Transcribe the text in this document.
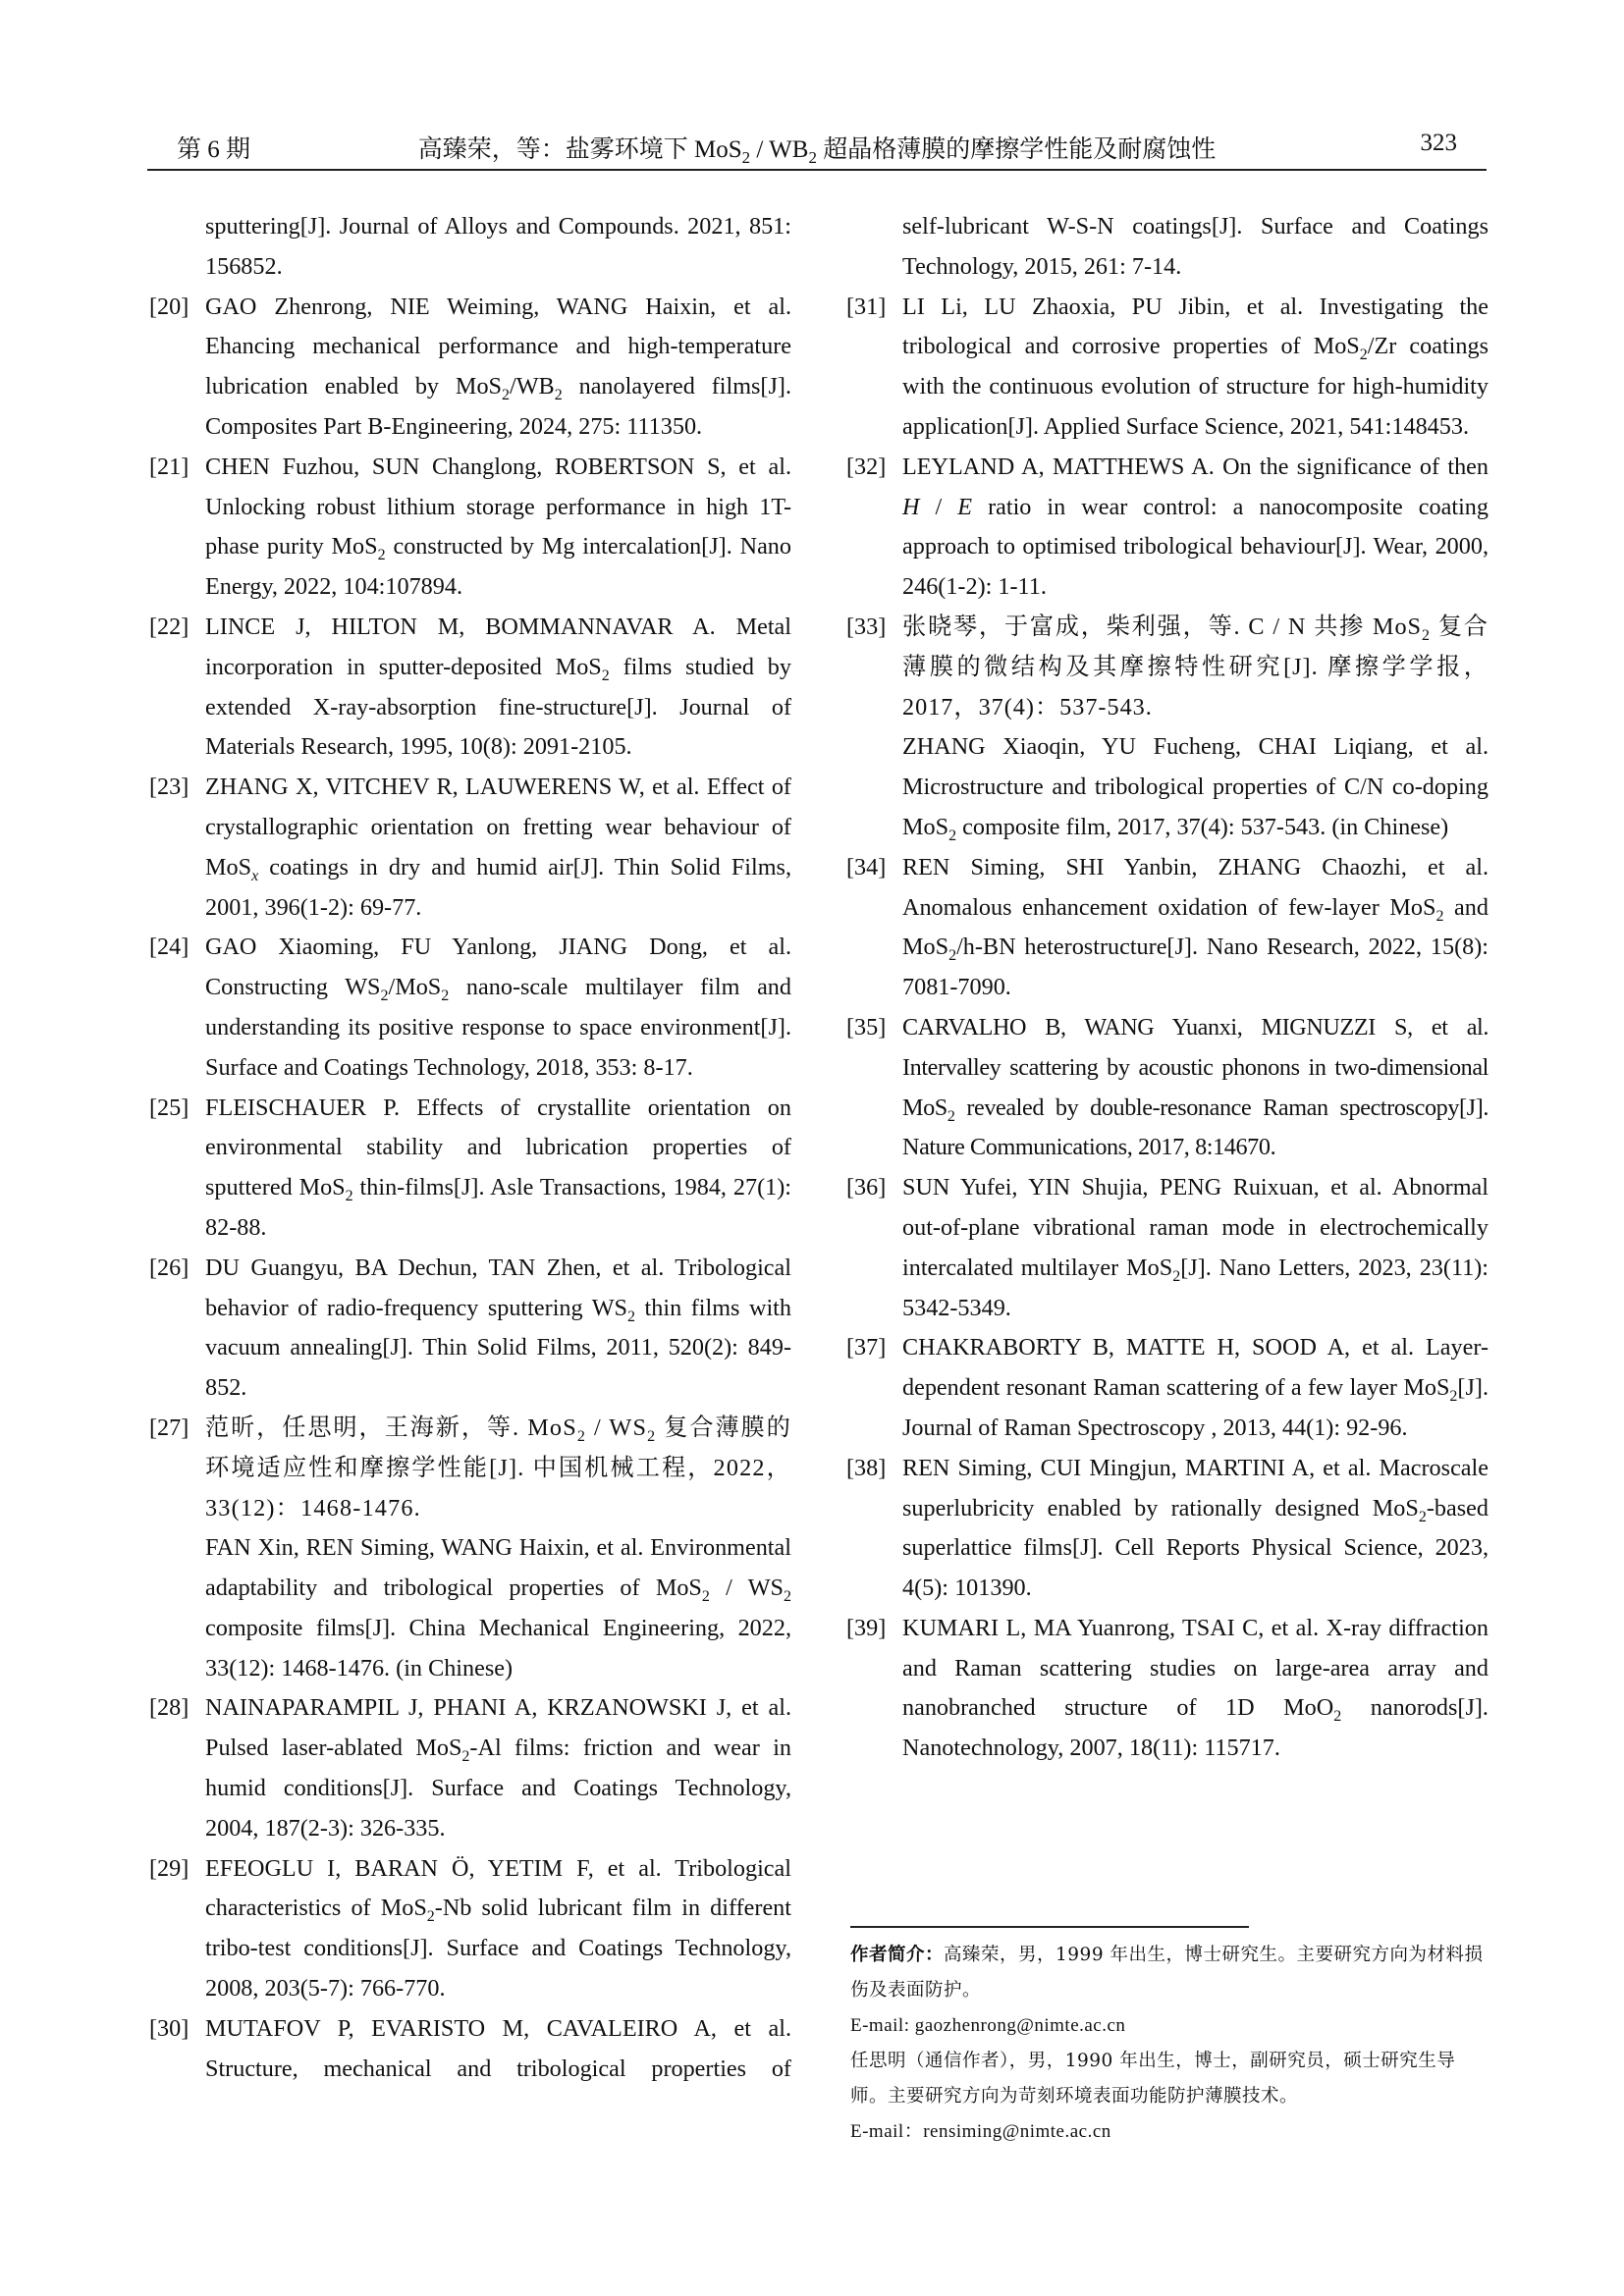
第 6 期	高臻荣，等：盐雾环境下 $MoS_2 / WB_2$ 超晶格薄膜的摩擦学性能及耐腐蚀性	323
sputtering[J]. Journal of Alloys and Compounds. 2021, 851: 156852.
[20] GAO Zhenrong, NIE Weiming, WANG Haixin, et al. Ehancing mechanical performance and high-temperature lubrication enabled by $MoS_2/WB_2$ nanolayered films[J]. Composites Part B-Engineering, 2024, 275: 111350.
[21] CHEN Fuzhou, SUN Changlong, ROBERTSON S, et al. Unlocking robust lithium storage performance in high 1T-phase purity MoS$_2$ constructed by Mg intercalation[J]. Nano Energy, 2022, 104:107894.
[22] LINCE J, HILTON M, BOMMANNAVAR A. Metal incorporation in sputter-deposited MoS$_2$ films studied by extended X-ray-absorption fine-structure[J]. Journal of Materials Research, 1995, 10(8): 2091-2105.
[23] ZHANG X, VITCHEV R, LAUWERENS W, et al. Effect of crystallographic orientation on fretting wear behaviour of MoS$_x$ coatings in dry and humid air[J]. Thin Solid Films, 2001, 396(1-2): 69-77.
[24] GAO Xiaoming, FU Yanlong, JIANG Dong, et al. Constructing $WS_2/MoS_2$ nano-scale multilayer film and understanding its positive response to space environment[J]. Surface and Coatings Technology, 2018, 353: 8-17.
[25] FLEISCHAUER P. Effects of crystallite orientation on environmental stability and lubrication properties of sputtered MoS$_2$ thin-films[J]. Asle Transactions, 1984, 27(1): 82-88.
[26] DU Guangyu, BA Dechun, TAN Zhen, et al. Tribological behavior of radio-frequency sputtering $WS_2$ thin films with vacuum annealing[J]. Thin Solid Films, 2011, 520(2): 849-852.
[27] 范昕，任思明，王海新，等. $MoS_2 / WS_2$ 复合薄膜的环境适应性和摩擦学性能[J]. 中国机械工程，2022，33(12)：1468-1476.
FAN Xin, REN Siming, WANG Haixin, et al. Environmental adaptability and tribological properties of $MoS_2 / WS_2$ composite films[J]. China Mechanical Engineering, 2022, 33(12): 1468-1476. (in Chinese)
[28] NAINAPARAMPIL J, PHANI A, KRZANOWSKI J, et al. Pulsed laser-ablated MoS$_2$-Al films: friction and wear in humid conditions[J]. Surface and Coatings Technology, 2004, 187(2-3): 326-335.
[29] EFEOGLU I, BARAN Ö, YETIM F, et al. Tribological characteristics of MoS$_2$-Nb solid lubricant film in different tribo-test conditions[J]. Surface and Coatings Technology, 2008, 203(5-7): 766-770.
[30] MUTAFOV P, EVARISTO M, CAVALEIRO A, et al. Structure, mechanical and tribological properties of
self-lubricant W-S-N coatings[J]. Surface and Coatings Technology, 2015, 261: 7-14.
[31] LI Li, LU Zhaoxia, PU Jibin, et al. Investigating the tribological and corrosive properties of MoS$_2$/Zr coatings with the continuous evolution of structure for high-humidity application[J]. Applied Surface Science, 2021, 541:148453.
[32] LEYLAND A, MATTHEWS A. On the significance of then H / E ratio in wear control: a nanocomposite coating approach to optimised tribological behaviour[J]. Wear, 2000, 246(1-2): 1-11.
[33] 张晓琴，于富成，柴利强，等. C / N 共掺 MoS$_2$ 复合薄膜的微结构及其摩擦特性研究[J]. 摩擦学学报，2017，37(4)：537-543.
ZHANG Xiaoqin, YU Fucheng, CHAI Liqiang, et al. Microstructure and tribological properties of C/N co-doping MoS$_2$ composite film, 2017, 37(4): 537-543. (in Chinese)
[34] REN Siming, SHI Yanbin, ZHANG Chaozhi, et al. Anomalous enhancement oxidation of few-layer MoS$_2$ and MoS$_2$/h-BN heterostructure[J]. Nano Research, 2022, 15(8): 7081-7090.
[35] CARVALHO B, WANG Yuanxi, MIGNUZZI S, et al. Intervalley scattering by acoustic phonons in two-dimensional MoS$_2$ revealed by double-resonance Raman spectroscopy[J]. Nature Communications, 2017, 8:14670.
[36] SUN Yufei, YIN Shujia, PENG Ruixuan, et al. Abnormal out-of-plane vibrational raman mode in electrochemically intercalated multilayer MoS$_2$[J]. Nano Letters, 2023, 23(11): 5342-5349.
[37] CHAKRABORTY B, MATTE H, SOOD A, et al. Layer-dependent resonant Raman scattering of a few layer MoS$_2$[J]. Journal of Raman Spectroscopy , 2013, 44(1): 92-96.
[38] REN Siming, CUI Mingjun, MARTINI A, et al. Macroscale superlubricity enabled by rationally designed MoS$_2$-based superlattice films[J]. Cell Reports Physical Science, 2023, 4(5): 101390.
[39] KUMARI L, MA Yuanrong, TSAI C, et al. X-ray diffraction and Raman scattering studies on large-area array and nanobranched structure of 1D MoO$_2$ nanorods[J]. Nanotechnology, 2007, 18(11): 115717.
作者简介：高臻荣，男，1999 年出生，博士研究生。主要研究方向为材料损伤及表面防护。
E-mail: gaozhenrong@nimte.ac.cn
任思明（通信作者），男，1990 年出生，博士，副研究员，硕士研究生导师。主要研究方向为苛刻环境表面功能防护薄膜技术。
E-mail：rensiming@nimte.ac.cn
